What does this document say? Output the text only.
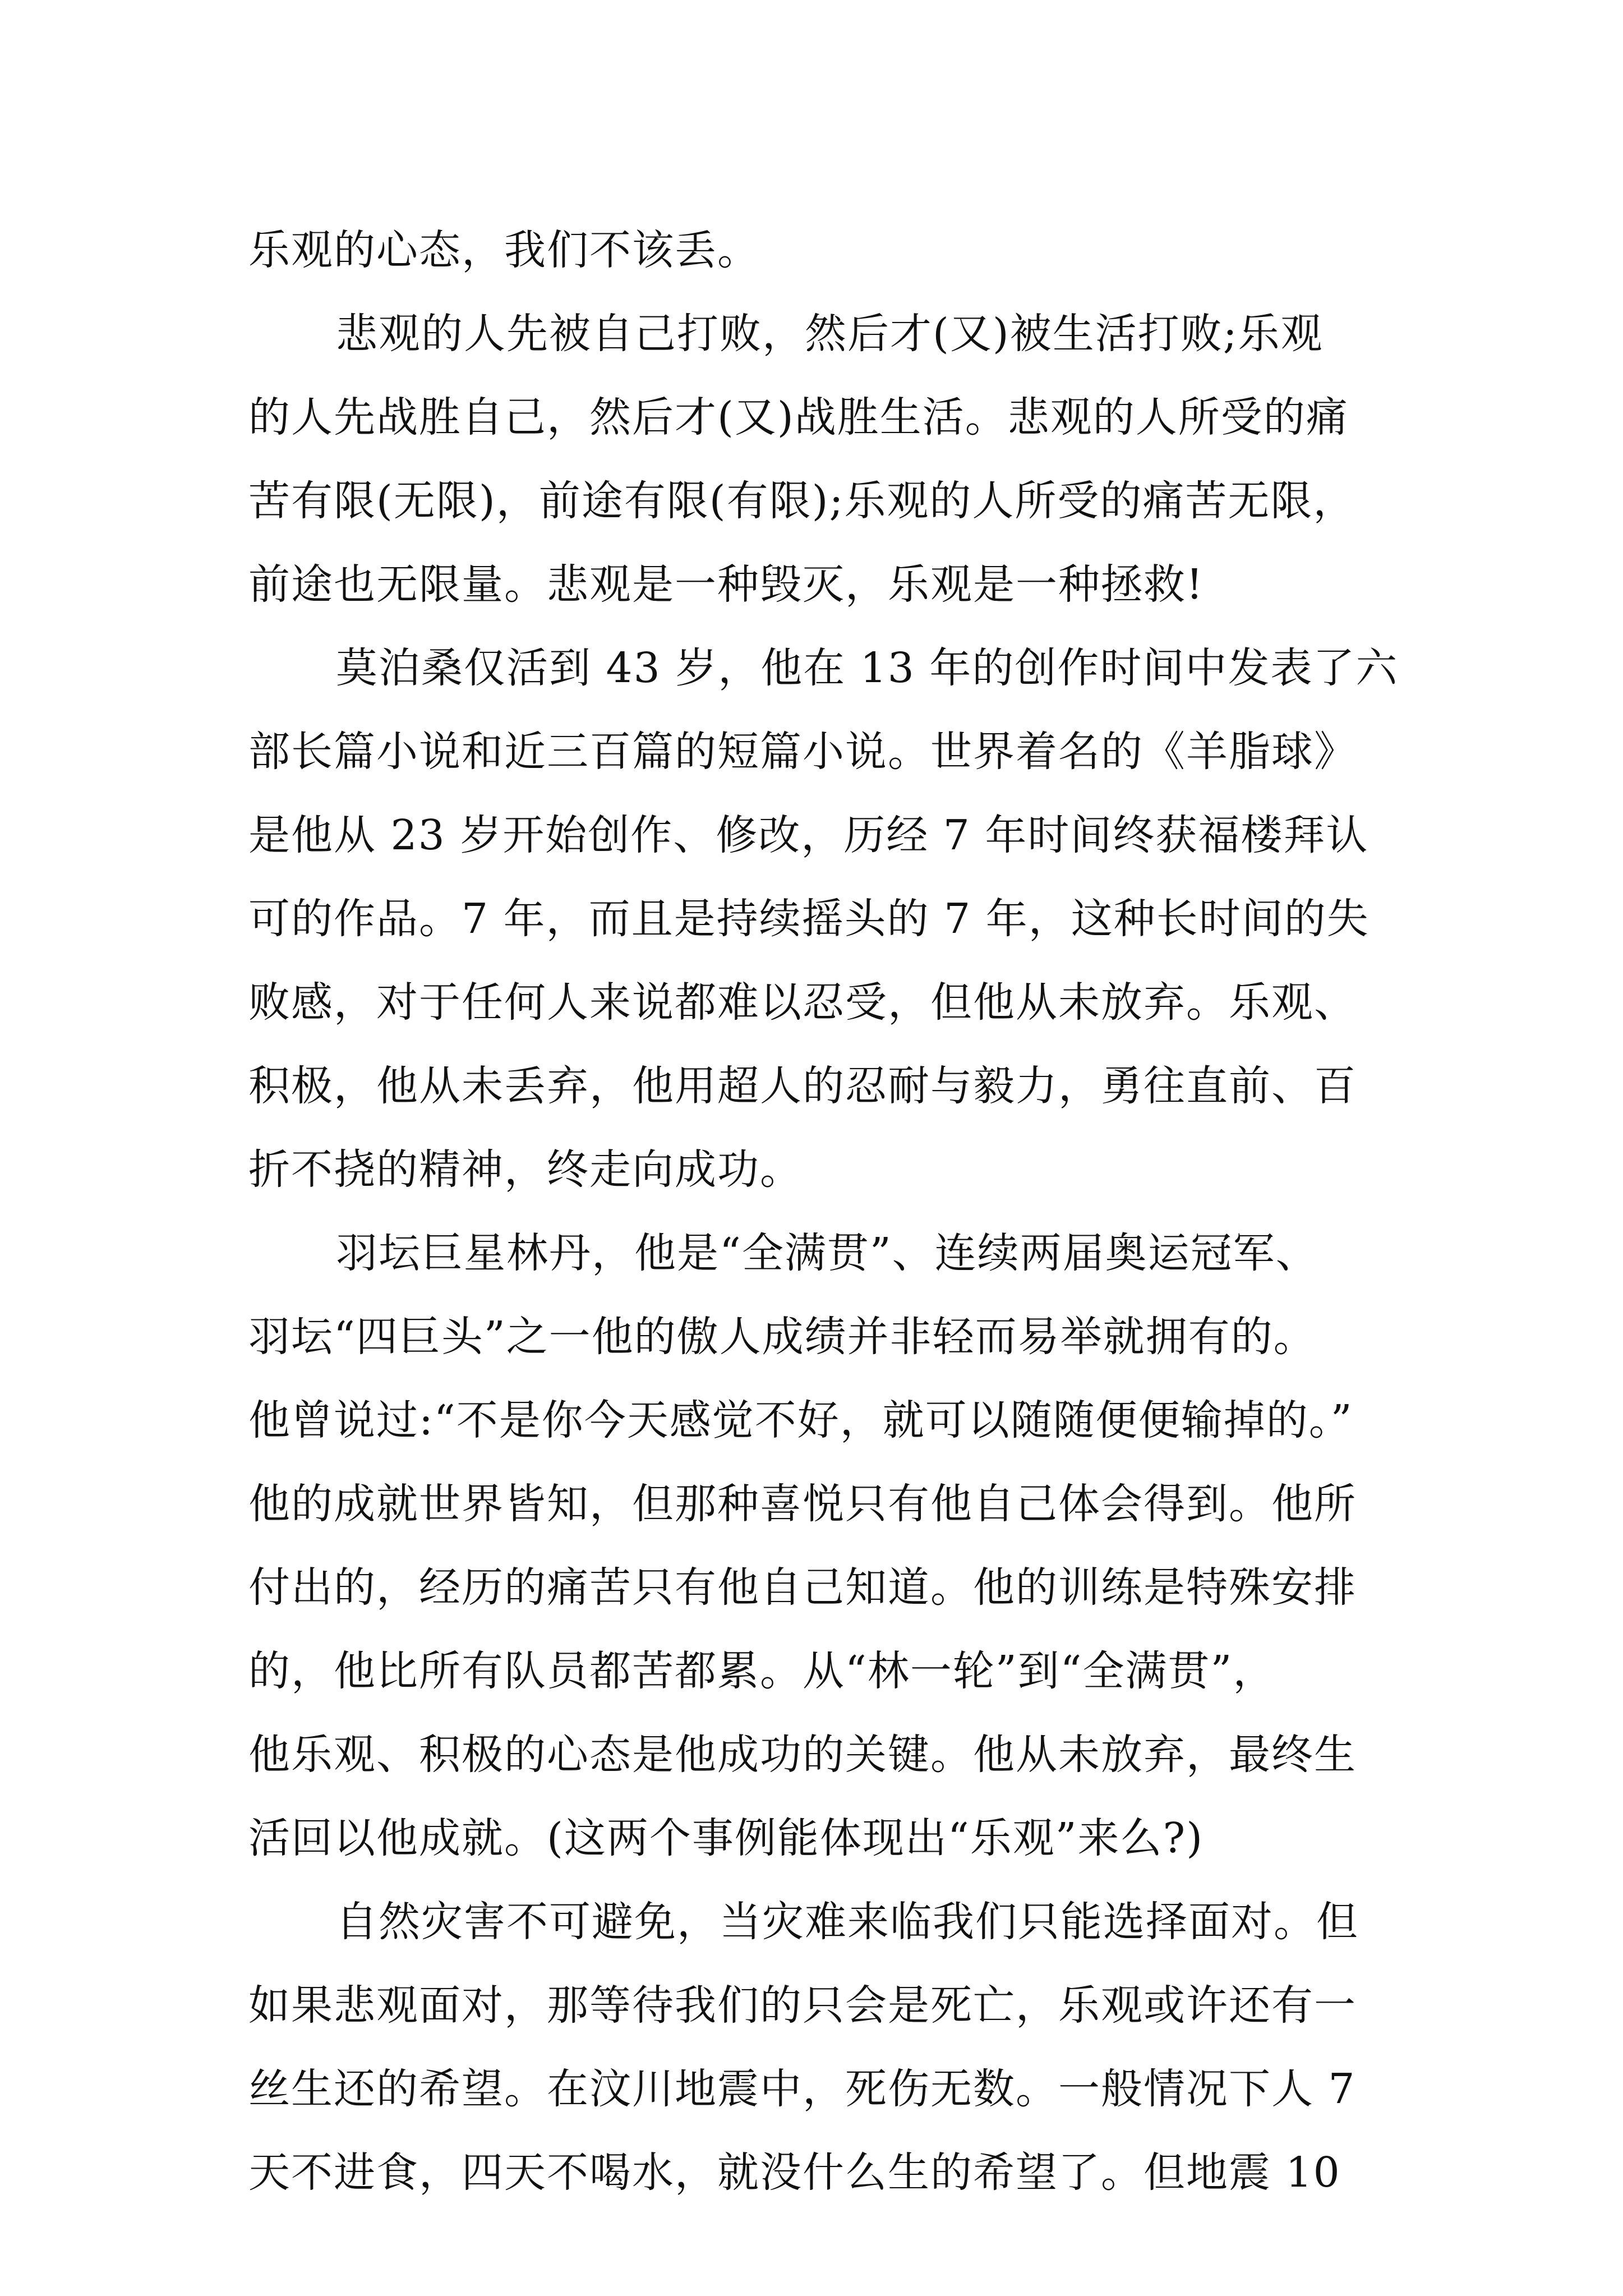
乐观的心态，我们不该丢。
悲观的人先被自己打败，然后才(又)被生活打败;乐观
的人先战胜自己，然后才(又)战胜生活。悲观的人所受的痛
苦有限(无限)，前途有限(有限);乐观的人所受的痛苦无限，
前途也无限量。悲观是一种毁灭，乐观是一种拯救!
莫泊桑仅活到 43 岁，他在 13 年的创作时间中发表了六
部长篇小说和近三百篇的短篇小说。世界着名的《羊脂球》
是他从 23 岁开始创作、修改，历经 7 年时间终获福楼拜认
可的作品。7 年，而且是持续摇头的 7 年，这种长时间的失
败感，对于任何人来说都难以忍受，但他从未放弃。乐观、
积极，他从未丢弃，他用超人的忍耐与毅力，勇往直前、百
折不挠的精神，终走向成功。
羽坛巨星林丹，他是“全满贯”、连续两届奥运冠军、
羽坛“四巨头”之一他的傲人成绩并非轻而易举就拥有的。
他曾说过:“不是你今天感觉不好，就可以随随便便输掉的。”
他的成就世界皆知，但那种喜悦只有他自己体会得到。他所
付出的，经历的痛苦只有他自己知道。他的训练是特殊安排
的，他比所有队员都苦都累。从“林一轮”到“全满贯”，
他乐观、积极的心态是他成功的关键。他从未放弃，最终生
活回以他成就。(这两个事例能体现出“乐观”来么?)
自然灾害不可避免，当灾难来临我们只能选择面对。但
如果悲观面对，那等待我们的只会是死亡，乐观或许还有一
丝生还的希望。在汶川地震中，死伤无数。一般情况下人 7
天不进食，四天不喝水，就没什么生的希望了。但地震 10
